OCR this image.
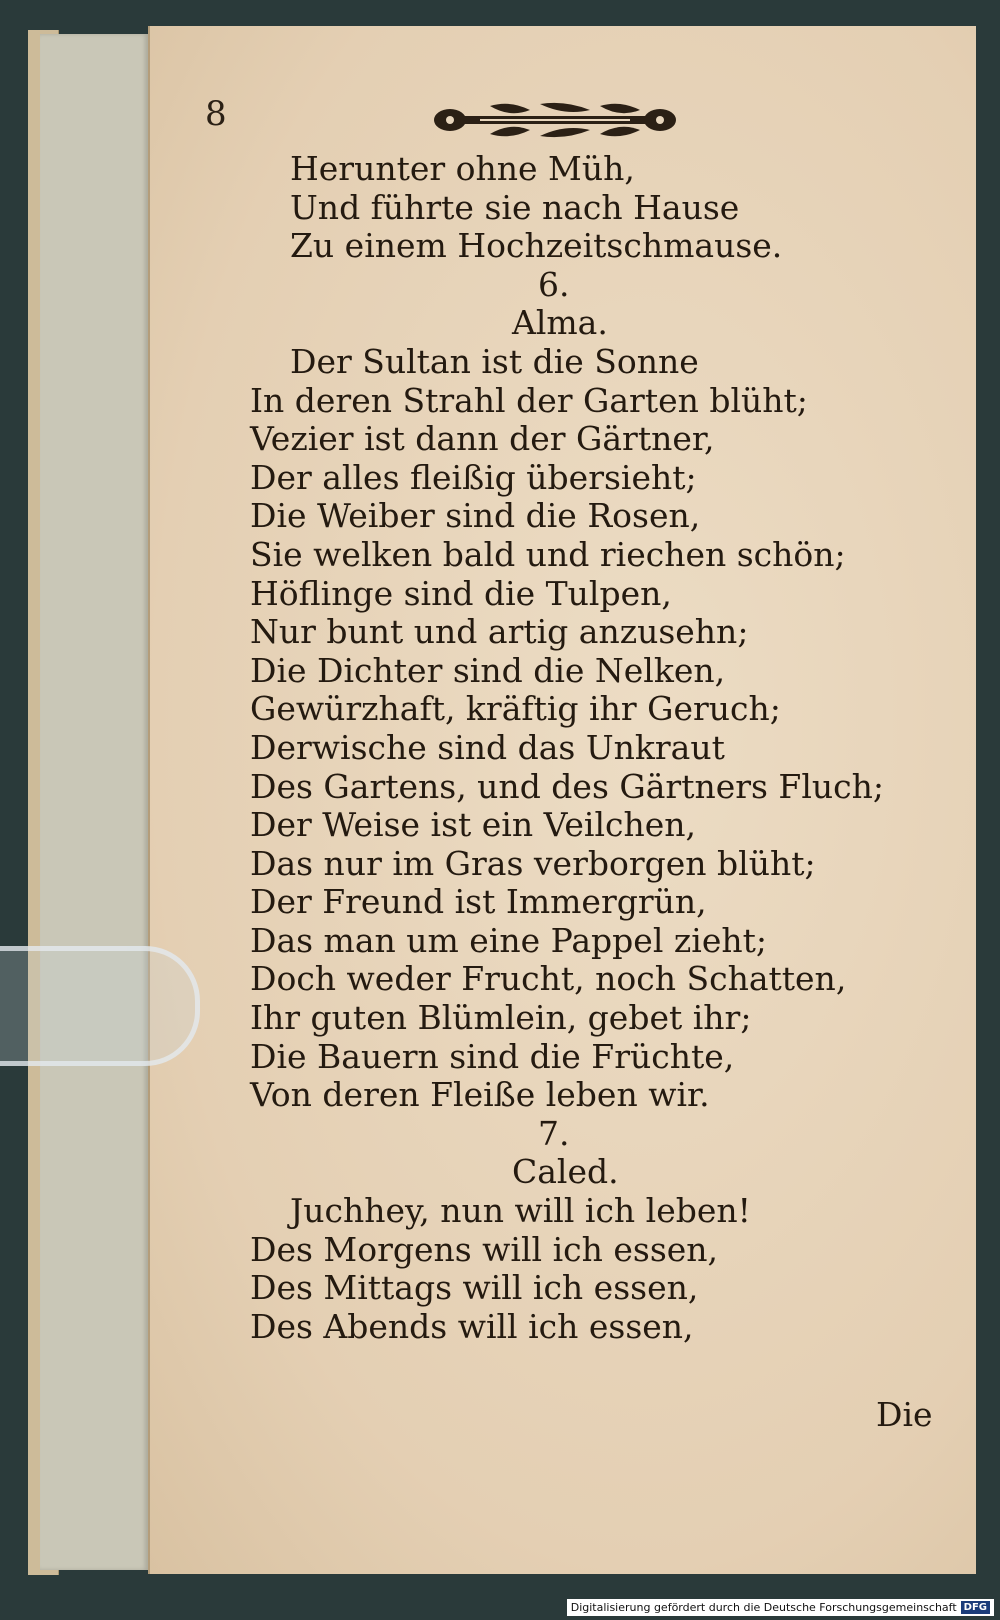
8
Herunter ohne Müh,
Und führte sie nach Hause
Zu einem Hochzeitschmause.
6.
Alma.
Der Sultan ist die Sonne
In deren Strahl der Garten blüht;
Vezier ist dann der Gärtner,
Der alles fleißig übersieht;
Die Weiber sind die Rosen,
Sie welken bald und riechen schön;
Höflinge sind die Tulpen,
Nur bunt und artig anzusehn;
Die Dichter sind die Nelken,
Gewürzhaft, kräftig ihr Geruch;
Derwische sind das Unkraut
Des Gartens, und des Gärtners Fluch;
Der Weise ist ein Veilchen,
Das nur im Gras verborgen blüht;
Der Freund ist Immergrün,
Das man um eine Pappel zieht;
Doch weder Frucht, noch Schatten,
Ihr guten Blümlein, gebet ihr;
Die Bauern sind die Früchte,
Von deren Fleiße leben wir.
7.
Caled.
Juchhey, nun will ich leben!
Des Morgens will ich essen,
Des Mittags will ich essen,
Des Abends will ich essen,
Die
Digitalisierung gefördert durch die Deutsche Forschungsgemeinschaft DFG
